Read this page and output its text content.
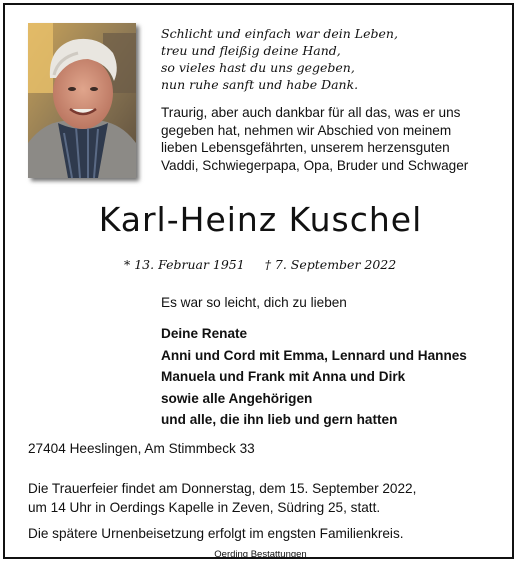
Schlicht und einfach war dein Leben,
treu und fleißig deine Hand,
so vieles hast du uns gegeben,
nun ruhe sanft und habe Dank.
Traurig, aber auch dankbar für all das, was er uns
gegeben hat, nehmen wir Abschied von meinem
lieben Lebensgefährten, unserem herzensguten
Vaddi, Schwiegerpapa, Opa, Bruder und Schwager
Karl-Heinz Kuschel
* 13. Februar 1951 † 7. September 2022
Es war so leicht, dich zu lieben
Deine Renate
Anni und Cord mit Emma, Lennard und Hannes
Manuela und Frank mit Anna und Dirk
sowie alle Angehörigen
und alle, die ihn lieb und gern hatten
27404 Heeslingen, Am Stimmbeck 33
Die Trauerfeier findet am Donnerstag, dem 15. September 2022,
um 14 Uhr in Oerdings Kapelle in Zeven, Südring 25, statt.
Die spätere Urnenbeisetzung erfolgt im engsten Familienkreis.
Oerding Bestattungen
